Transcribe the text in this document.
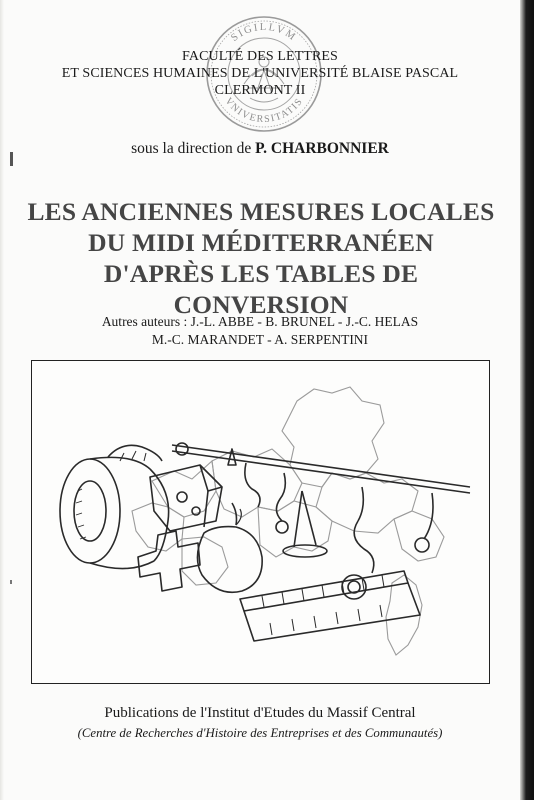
SIGILLVM
VNIVERSITATIS
FACULTÉ DES LETTRES
ET SCIENCES HUMAINES DE L'UNIVERSITÉ BLAISE PASCAL
CLERMONT II
sous la direction de P. CHARBONNIER
LES ANCIENNES MESURES LOCALES
DU MIDI MÉDITERRANÉEN
D'APRÈS LES TABLES DE CONVERSION
Autres auteurs : J.-L. ABBE - B. BRUNEL - J.-C. HELAS
M.-C. MARANDET - A. SERPENTINI
Publications de l'Institut d'Etudes du Massif Central
(Centre de Recherches d'Histoire des Entreprises et des Communautés)
